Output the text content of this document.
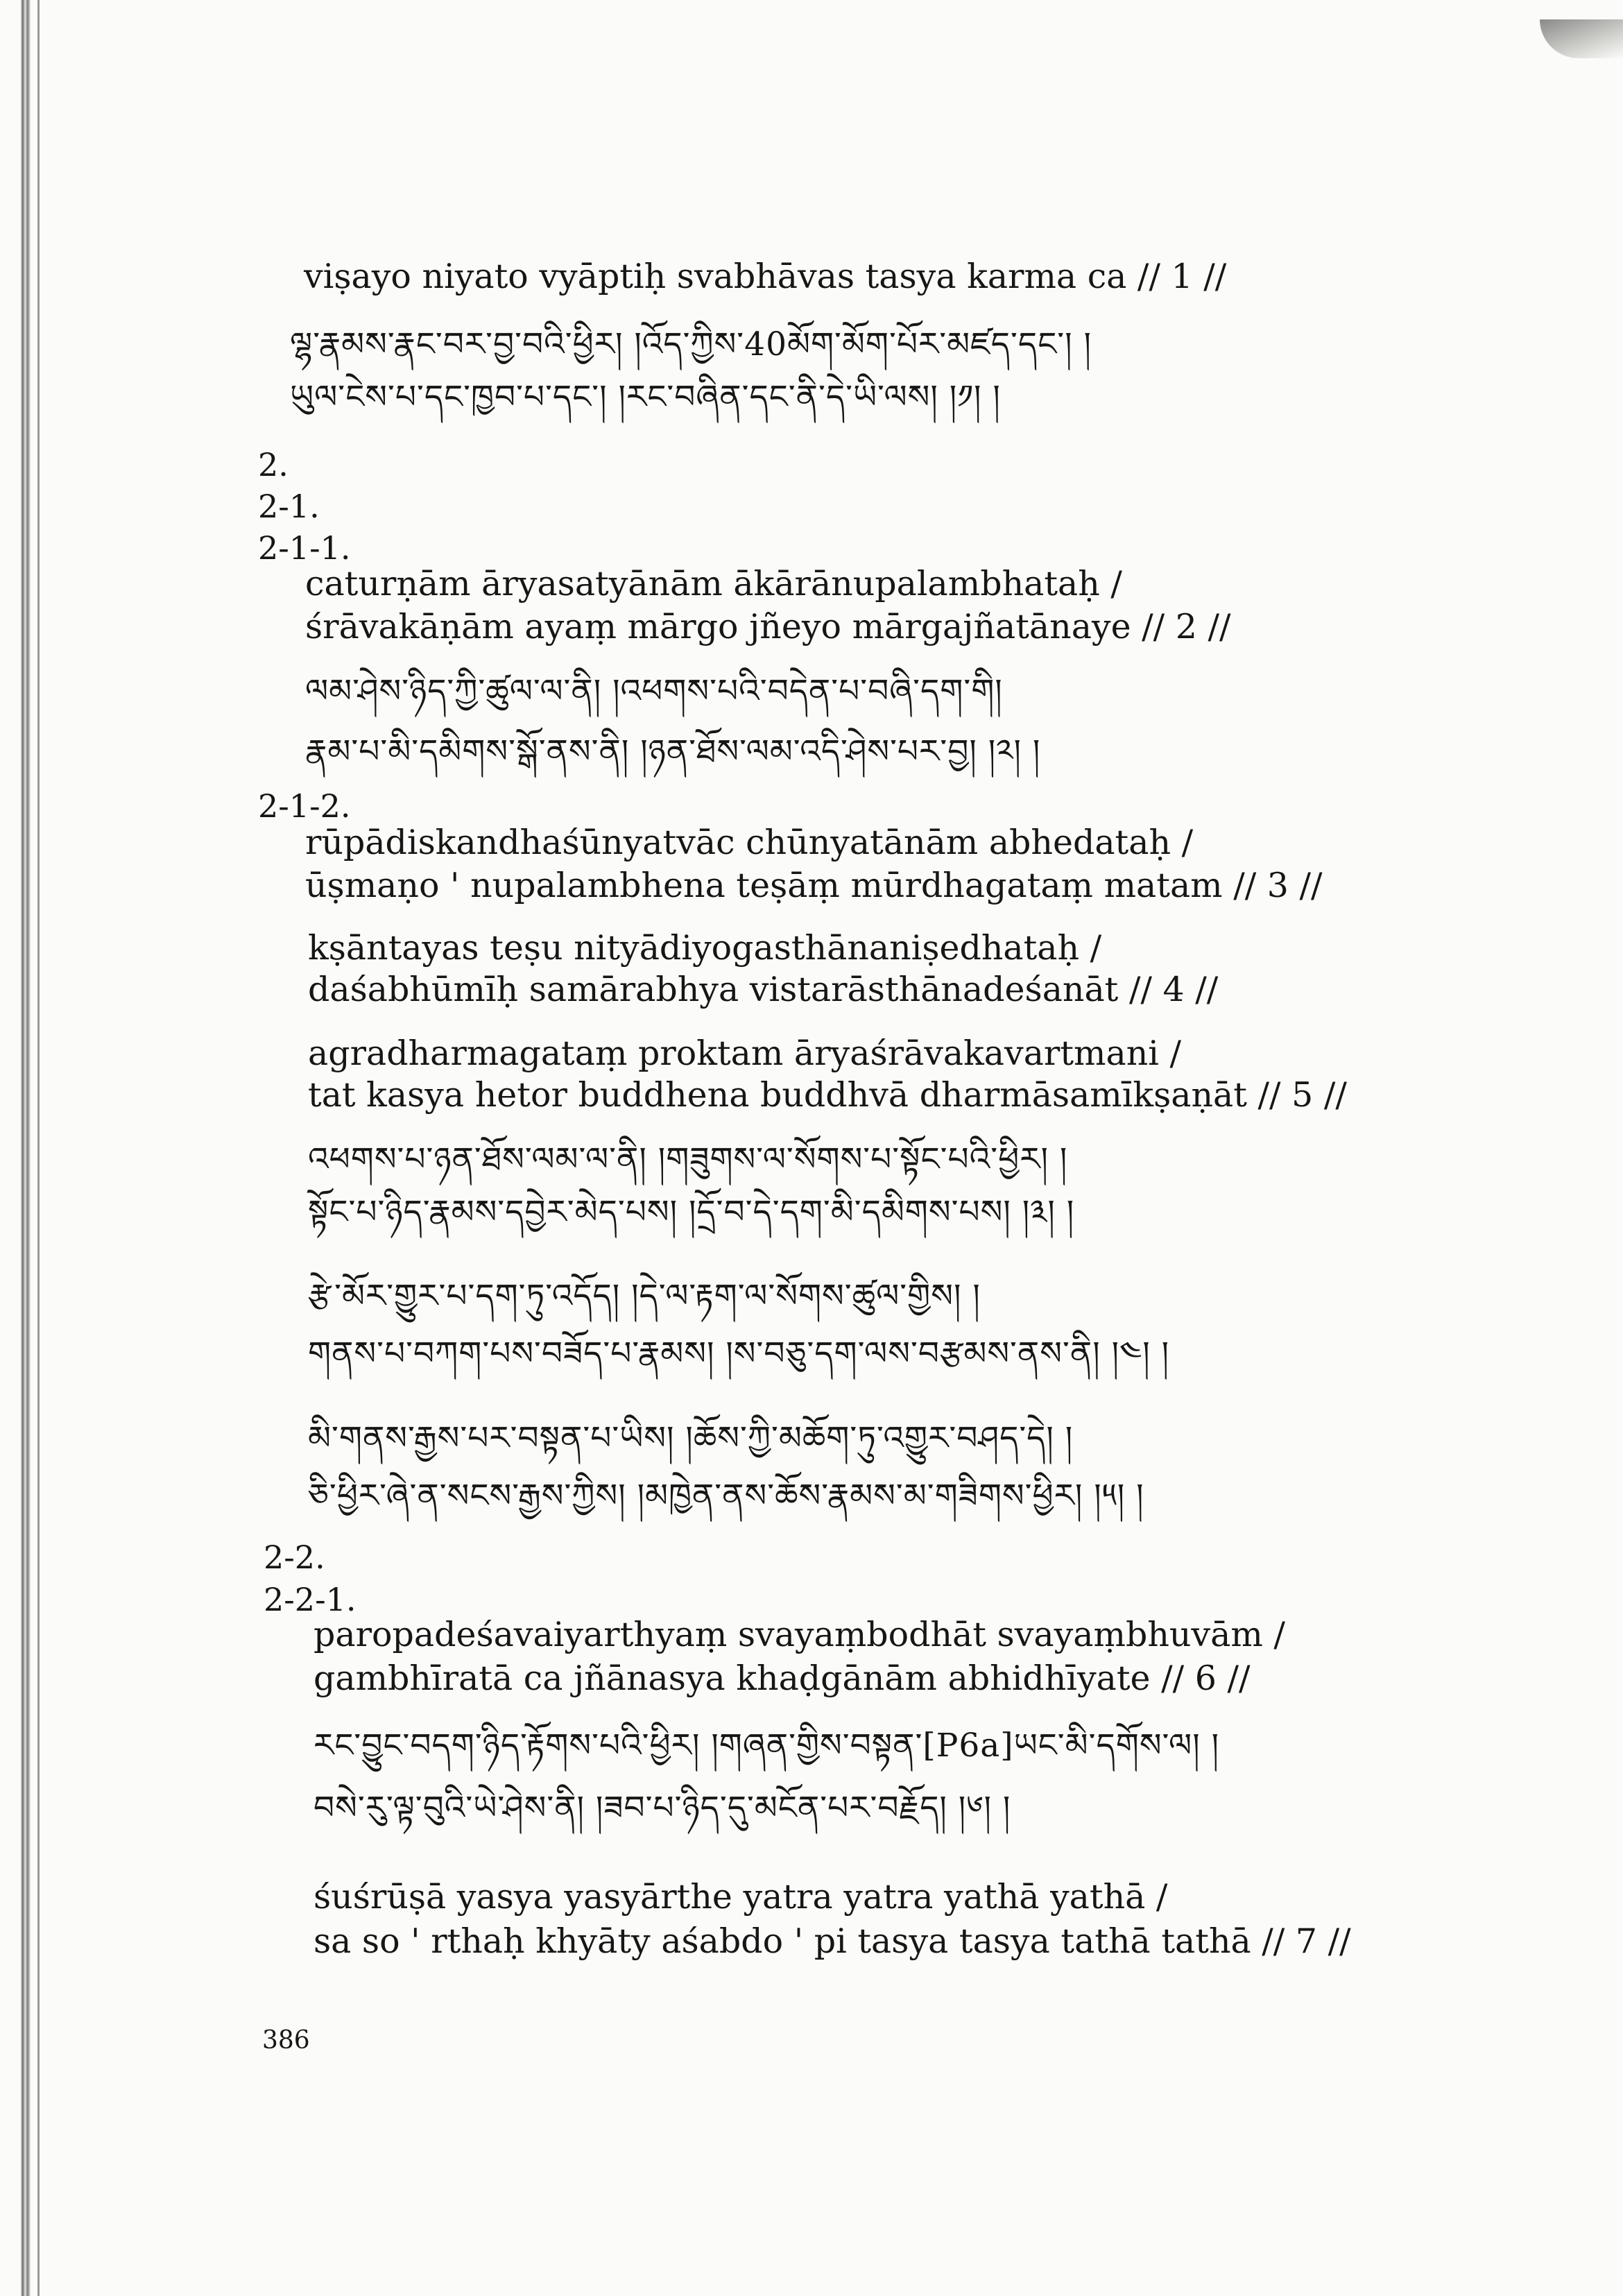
viṣayo niyato vyāptiḥ svabhāvas tasya karma ca // 1 //
ལྷ་རྣམས་རྣང་བར་བྱ་བའི་ཕྱིར། །འོད་ཀྱིས་40མོག་མོག་པོར་མཛད་དང་། །
ཡུལ་ངེས་པ་དང་ཁྱབ་པ་དང་། །རང་བཞིན་དང་ནི་དེ་ཡི་ལས། །༡། །
2.
2-1.
2-1-1.
caturṇām āryasatyānām ākārānupalambhataḥ /
śrāvakāṇām ayaṃ mārgo jñeyo mārgajñatānaye // 2 //
ལམ་ཤེས་ཉིད་ཀྱི་ཚུལ་ལ་ནི། །འཕགས་པའི་བདེན་པ་བཞི་དག་གི།
རྣམ་པ་མི་དམིགས་སྒོ་ནས་ནི། །ཉན་ཐོས་ལམ་འདི་ཤེས་པར་བྱ། །༢། །
2-1-2.
rūpādiskandhaśūnyatvāc chūnyatānām abhedataḥ /
ūṣmaṇo ' nupalambhena teṣāṃ mūrdhagataṃ matam // 3 //
kṣāntayas teṣu nityādiyogasthānaniṣedhataḥ /
daśabhūmīḥ samārabhya vistarāsthānadeśanāt // 4 //
agradharmagataṃ proktam āryaśrāvakavartmani /
tat kasya hetor buddhena buddhvā dharmāsamīkṣaṇāt // 5 //
འཕགས་པ་ཉན་ཐོས་ལམ་ལ་ནི། །གཟུགས་ལ་སོགས་པ་སྟོང་པའི་ཕྱིར། །
སྟོང་པ་ཉིད་རྣམས་དབྱེར་མེད་པས། །དྲོ་བ་དེ་དག་མི་དམིགས་པས། །༣། །
རྩེ་མོར་གྱུར་པ་དག་ཏུ་འདོད། །དེ་ལ་རྟག་ལ་སོགས་ཚུལ་གྱིས། །
གནས་པ་བཀག་པས་བཟོད་པ་རྣམས། །ས་བཅུ་དག་ལས་བརྩམས་ནས་ནི། །༤། །
མི་གནས་རྒྱས་པར་བསྟན་པ་ཡིས། །ཆོས་ཀྱི་མཆོག་ཏུ་འགྱུར་བཤད་དེ། །
ཅི་ཕྱིར་ཞེ་ན་སངས་རྒྱས་ཀྱིས། །མཁྱེན་ནས་ཆོས་རྣམས་མ་གཟིགས་ཕྱིར། །༥། །
2-2.
2-2-1.
paropadeśavaiyarthyaṃ svayaṃbodhāt svayaṃbhuvām /
gambhīratā ca jñānasya khaḍgānām abhidhīyate // 6 //
རང་བྱུང་བདག་ཉིད་རྟོགས་པའི་ཕྱིར། །གཞན་གྱིས་བསྟན་[P6a]ཡང་མི་དགོས་ལ། །
བསེ་རུ་ལྟ་བུའི་ཡེ་ཤེས་ནི། །ཟབ་པ་ཉིད་དུ་མངོན་པར་བརྗོད། །༦། །
śuśrūṣā yasya yasyārthe yatra yatra yathā yathā /
sa so ' rthaḥ khyāty aśabdo ' pi tasya tasya tathā tathā // 7 //
386
